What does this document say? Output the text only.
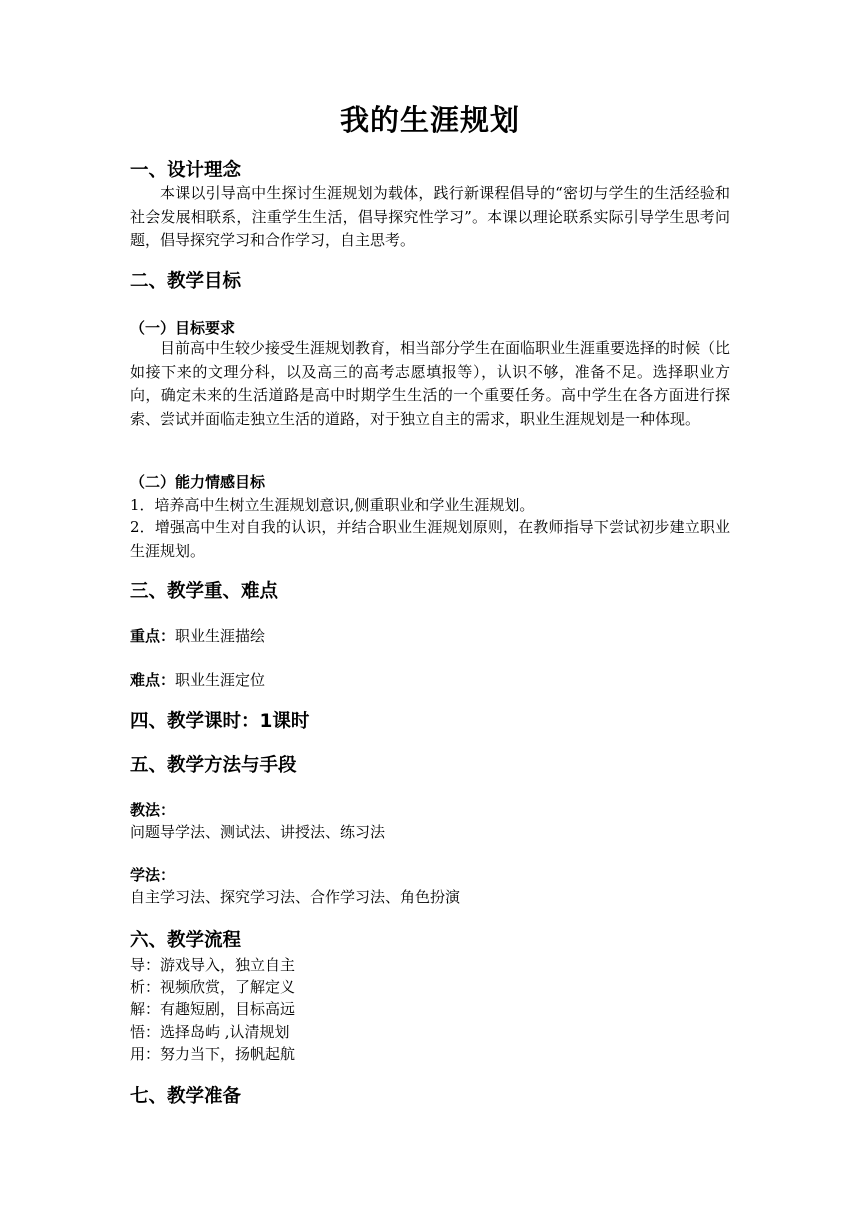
我的生涯规划
一、设计理念
本课以引导高中生探讨生涯规划为载体，践行新课程倡导的“密切与学生的生活经验和社会发展相联系，注重学生生活，倡导探究性学习”。本课以理论联系实际引导学生思考问题，倡导探究学习和合作学习，自主思考。
二、教学目标
（一）目标要求
目前高中生较少接受生涯规划教育，相当部分学生在面临职业生涯重要选择的时候（比如接下来的文理分科，以及高三的高考志愿填报等），认识不够，准备不足。选择职业方向，确定未来的生活道路是高中时期学生生活的一个重要任务。高中学生在各方面进行探索、尝试并面临走独立生活的道路，对于独立自主的需求，职业生涯规划是一种体现。
（二）能力情感目标
1．培养高中生树立生涯规划意识,侧重职业和学业生涯规划。
2．增强高中生对自我的认识，并结合职业生涯规划原则，在教师指导下尝试初步建立职业生涯规划。
三、教学重、难点
重点：职业生涯描绘
难点：职业生涯定位
四、教学课时：1课时
五、教学方法与手段
教法：
问题导学法、测试法、讲授法、练习法
学法：
自主学习法、探究学习法、合作学习法、角色扮演
六、教学流程
导：游戏导入，独立自主
析：视频欣赏，了解定义
解：有趣短剧，目标高远
悟：选择岛屿 ,认清规划
用：努力当下，扬帆起航
七、教学准备
